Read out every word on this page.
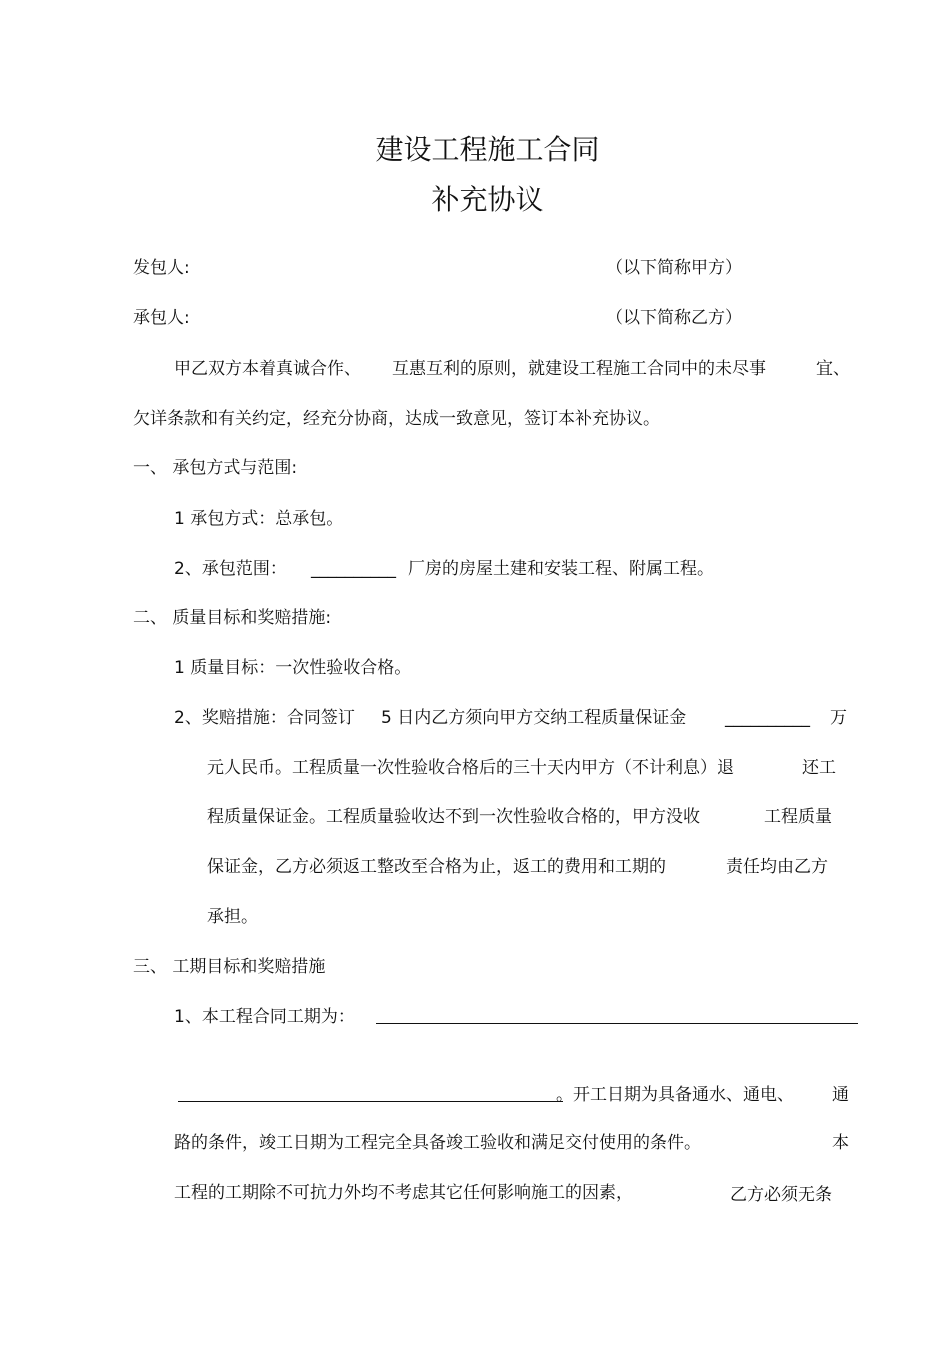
建设工程施工合同
补充协议
发包人:	（以下简称甲方）
承包人:	（以下简称乙方）
甲乙双方本着真诚合作、 互惠互利的原则，就建设工程施工合同中的未尽事	宜、
欠详条款和有关约定，经充分协商，达成一致意见，签订本补充协议。
一、 承包方式与范围:
1 承包方式：总承包。
2、承包范围： __________ 厂房的房屋土建和安装工程、附属工程。
二、 质量目标和奖赔措施:
1 质量目标：一次性验收合格。
2、奖赔措施：合同签订 5 日内乙方须向甲方交纳工程质量保证金 __________ 万
元人民币。工程质量一次性验收合格后的三十天内甲方（不计利息）退	还工
程质量保证金。工程质量验收达不到一次性验收合格的，甲方没收	工程质量
保证金，乙方必须返工整改至合格为止，返工的费用和工期的	责任均由乙方
承担。
三、 工期目标和奖赔措施
1、本工程合同工期为：
。开工日期为具备通水、通电、 通
路的条件，竣工日期为工程完全具备竣工验收和满足交付使用的条件。	本
工程的工期除不可抗力外均不考虑其它任何影响施工的因素，	乙方必须无条
